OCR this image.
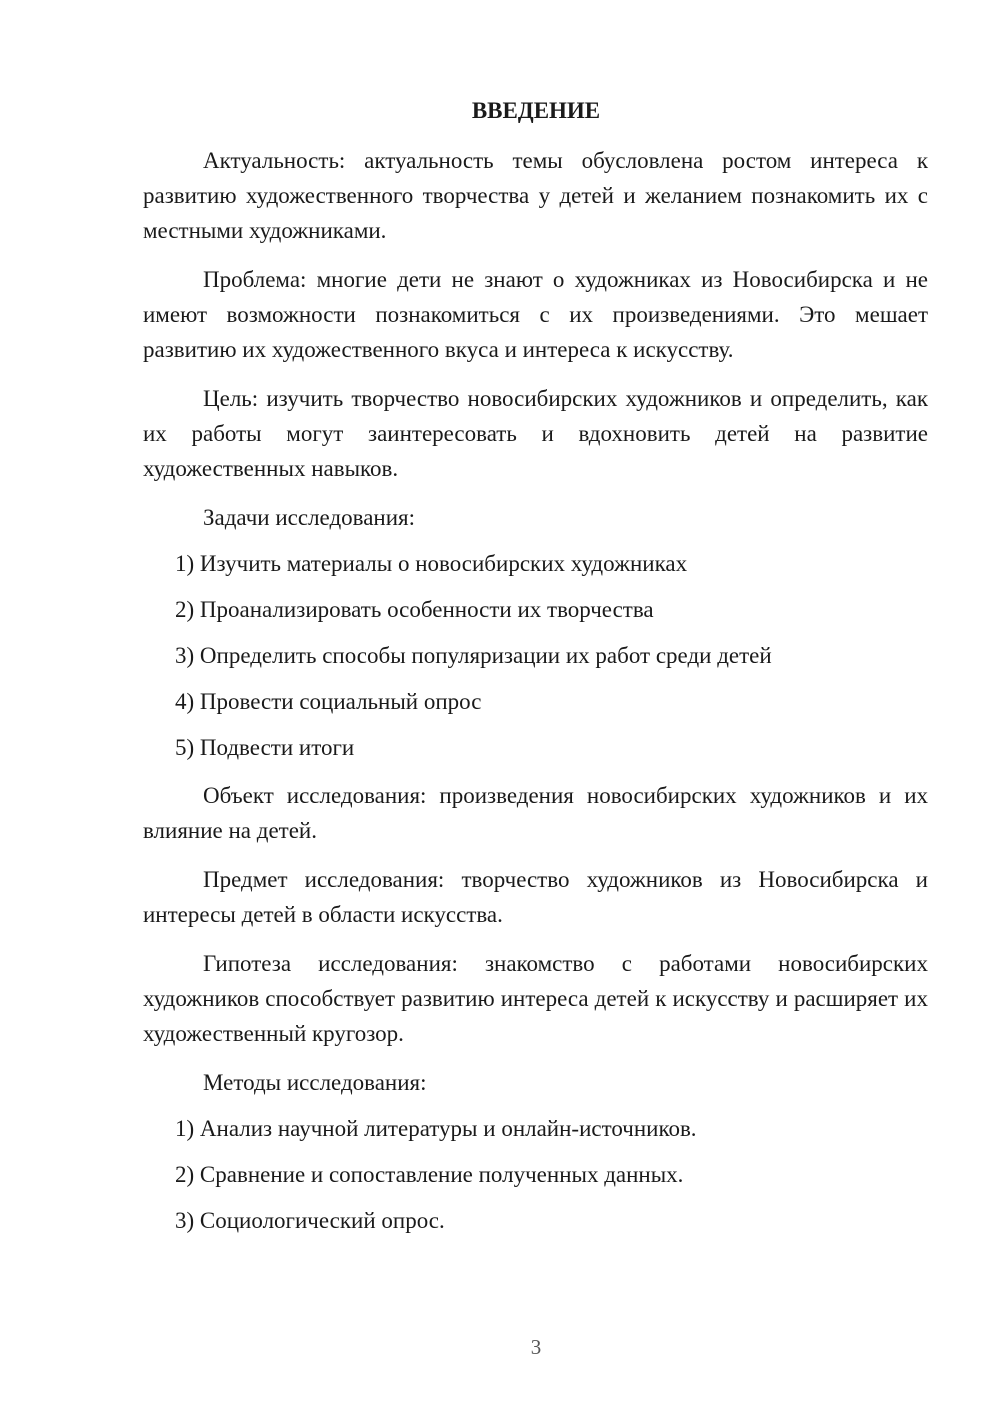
ВВЕДЕНИЕ

Актуальность: актуальность темы обусловлена ростом интереса к развитию художественного творчества у детей и желанием познакомить их с местными художниками.

Проблема: многие дети не знают о художниках из Новосибирска и не имеют возможности познакомиться с их произведениями. Это мешает развитию их художественного вкуса и интереса к искусству.

Цель: изучить творчество новосибирских художников и определить, как их работы могут заинтересовать и вдохновить детей на развитие художественных навыков.

Задачи исследования:

1) Изучить материалы о новосибирских художниках
2) Проанализировать особенности их творчества
3) Определить способы популяризации их работ среди детей
4) Провести социальный опрос
5) Подвести итоги

Объект исследования: произведения новосибирских художников и их влияние на детей.

Предмет исследования: творчество художников из Новосибирска и интересы детей в области искусства.

Гипотеза исследования: знакомство с работами новосибирских художников способствует развитию интереса детей к искусству и расширяет их художественный кругозор.

Методы исследования:

1) Анализ научной литературы и онлайн-источников.
2) Сравнение и сопоставление полученных данных.
3) Социологический опрос.
3
